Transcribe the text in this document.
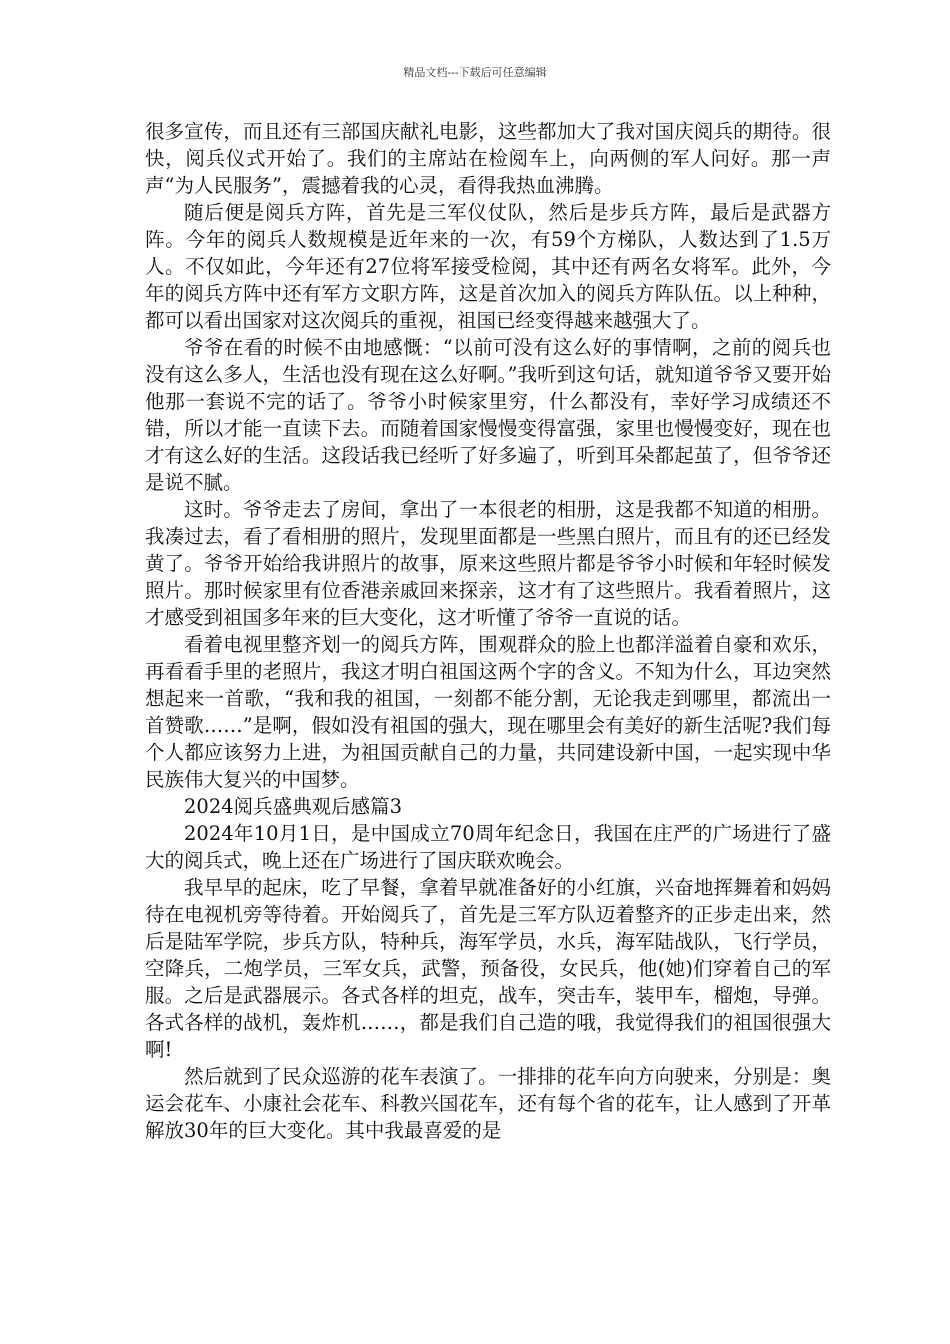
精品文档---下载后可任意编辑

很多宣传，而且还有三部国庆献礼电影，这些都加大了我对国庆阅兵的期待。很快，阅兵仪式开始了。我们的主席站在检阅车上，向两侧的军人问好。那一声声“为人民服务”，震撼着我的心灵，看得我热血沸腾。

随后便是阅兵方阵，首先是三军仪仗队，然后是步兵方阵，最后是武器方阵。今年的阅兵人数规模是近年来的一次，有59个方梯队，人数达到了1.5万人。不仅如此，今年还有27位将军接受检阅，其中还有两名女将军。此外，今年的阅兵方阵中还有军方文职方阵，这是首次加入的阅兵方阵队伍。以上种种，都可以看出国家对这次阅兵的重视，祖国已经变得越来越强大了。

爷爷在看的时候不由地感慨：“以前可没有这么好的事情啊，之前的阅兵也没有这么多人，生活也没有现在这么好啊。”我听到这句话，就知道爷爷又要开始他那一套说不完的话了。爷爷小时候家里穷，什么都没有，幸好学习成绩还不错，所以才能一直读下去。而随着国家慢慢变得富强，家里也慢慢变好，现在也才有这么好的生活。这段话我已经听了好多遍了，听到耳朵都起茧了，但爷爷还是说不腻。

这时。爷爷走去了房间，拿出了一本很老的相册，这是我都不知道的相册。我凑过去，看了看相册的照片，发现里面都是一些黑白照片，而且有的还已经发黄了。爷爷开始给我讲照片的故事，原来这些照片都是爷爷小时候和年轻时候发照片。那时候家里有位香港亲戚回来探亲，这才有了这些照片。我看着照片，这才感受到祖国多年来的巨大变化，这才听懂了爷爷一直说的话。

看着电视里整齐划一的阅兵方阵，围观群众的脸上也都洋溢着自豪和欢乐，再看看手里的老照片，我这才明白祖国这两个字的含义。不知为什么，耳边突然想起来一首歌，“我和我的祖国，一刻都不能分割，无论我走到哪里，都流出一首赞歌……”是啊，假如没有祖国的强大，现在哪里会有美好的新生活呢?我们每个人都应该努力上进，为祖国贡献自己的力量，共同建设新中国，一起实现中华民族伟大复兴的中国梦。

2024阅兵盛典观后感篇3

2024年10月1日，是中国成立70周年纪念日，我国在庄严的广场进行了盛大的阅兵式，晚上还在广场进行了国庆联欢晚会。

我早早的起床，吃了早餐，拿着早就准备好的小红旗，兴奋地挥舞着和妈妈待在电视机旁等待着。开始阅兵了，首先是三军方队迈着整齐的正步走出来，然后是陆军学院，步兵方队，特种兵，海军学员，水兵，海军陆战队，飞行学员，空降兵，二炮学员，三军女兵，武警，预备役，女民兵，他(她)们穿着自己的军服。之后是武器展示。各式各样的坦克，战车，突击车，装甲车，榴炮，导弹。各式各样的战机，轰炸机……，都是我们自己造的哦，我觉得我们的祖国很强大啊!

然后就到了民众巡游的花车表演了。一排排的花车向方向驶来，分别是：奥运会花车、小康社会花车、科教兴国花车，还有每个省的花车，让人感到了开革解放30年的巨大变化。其中我最喜爱的是
